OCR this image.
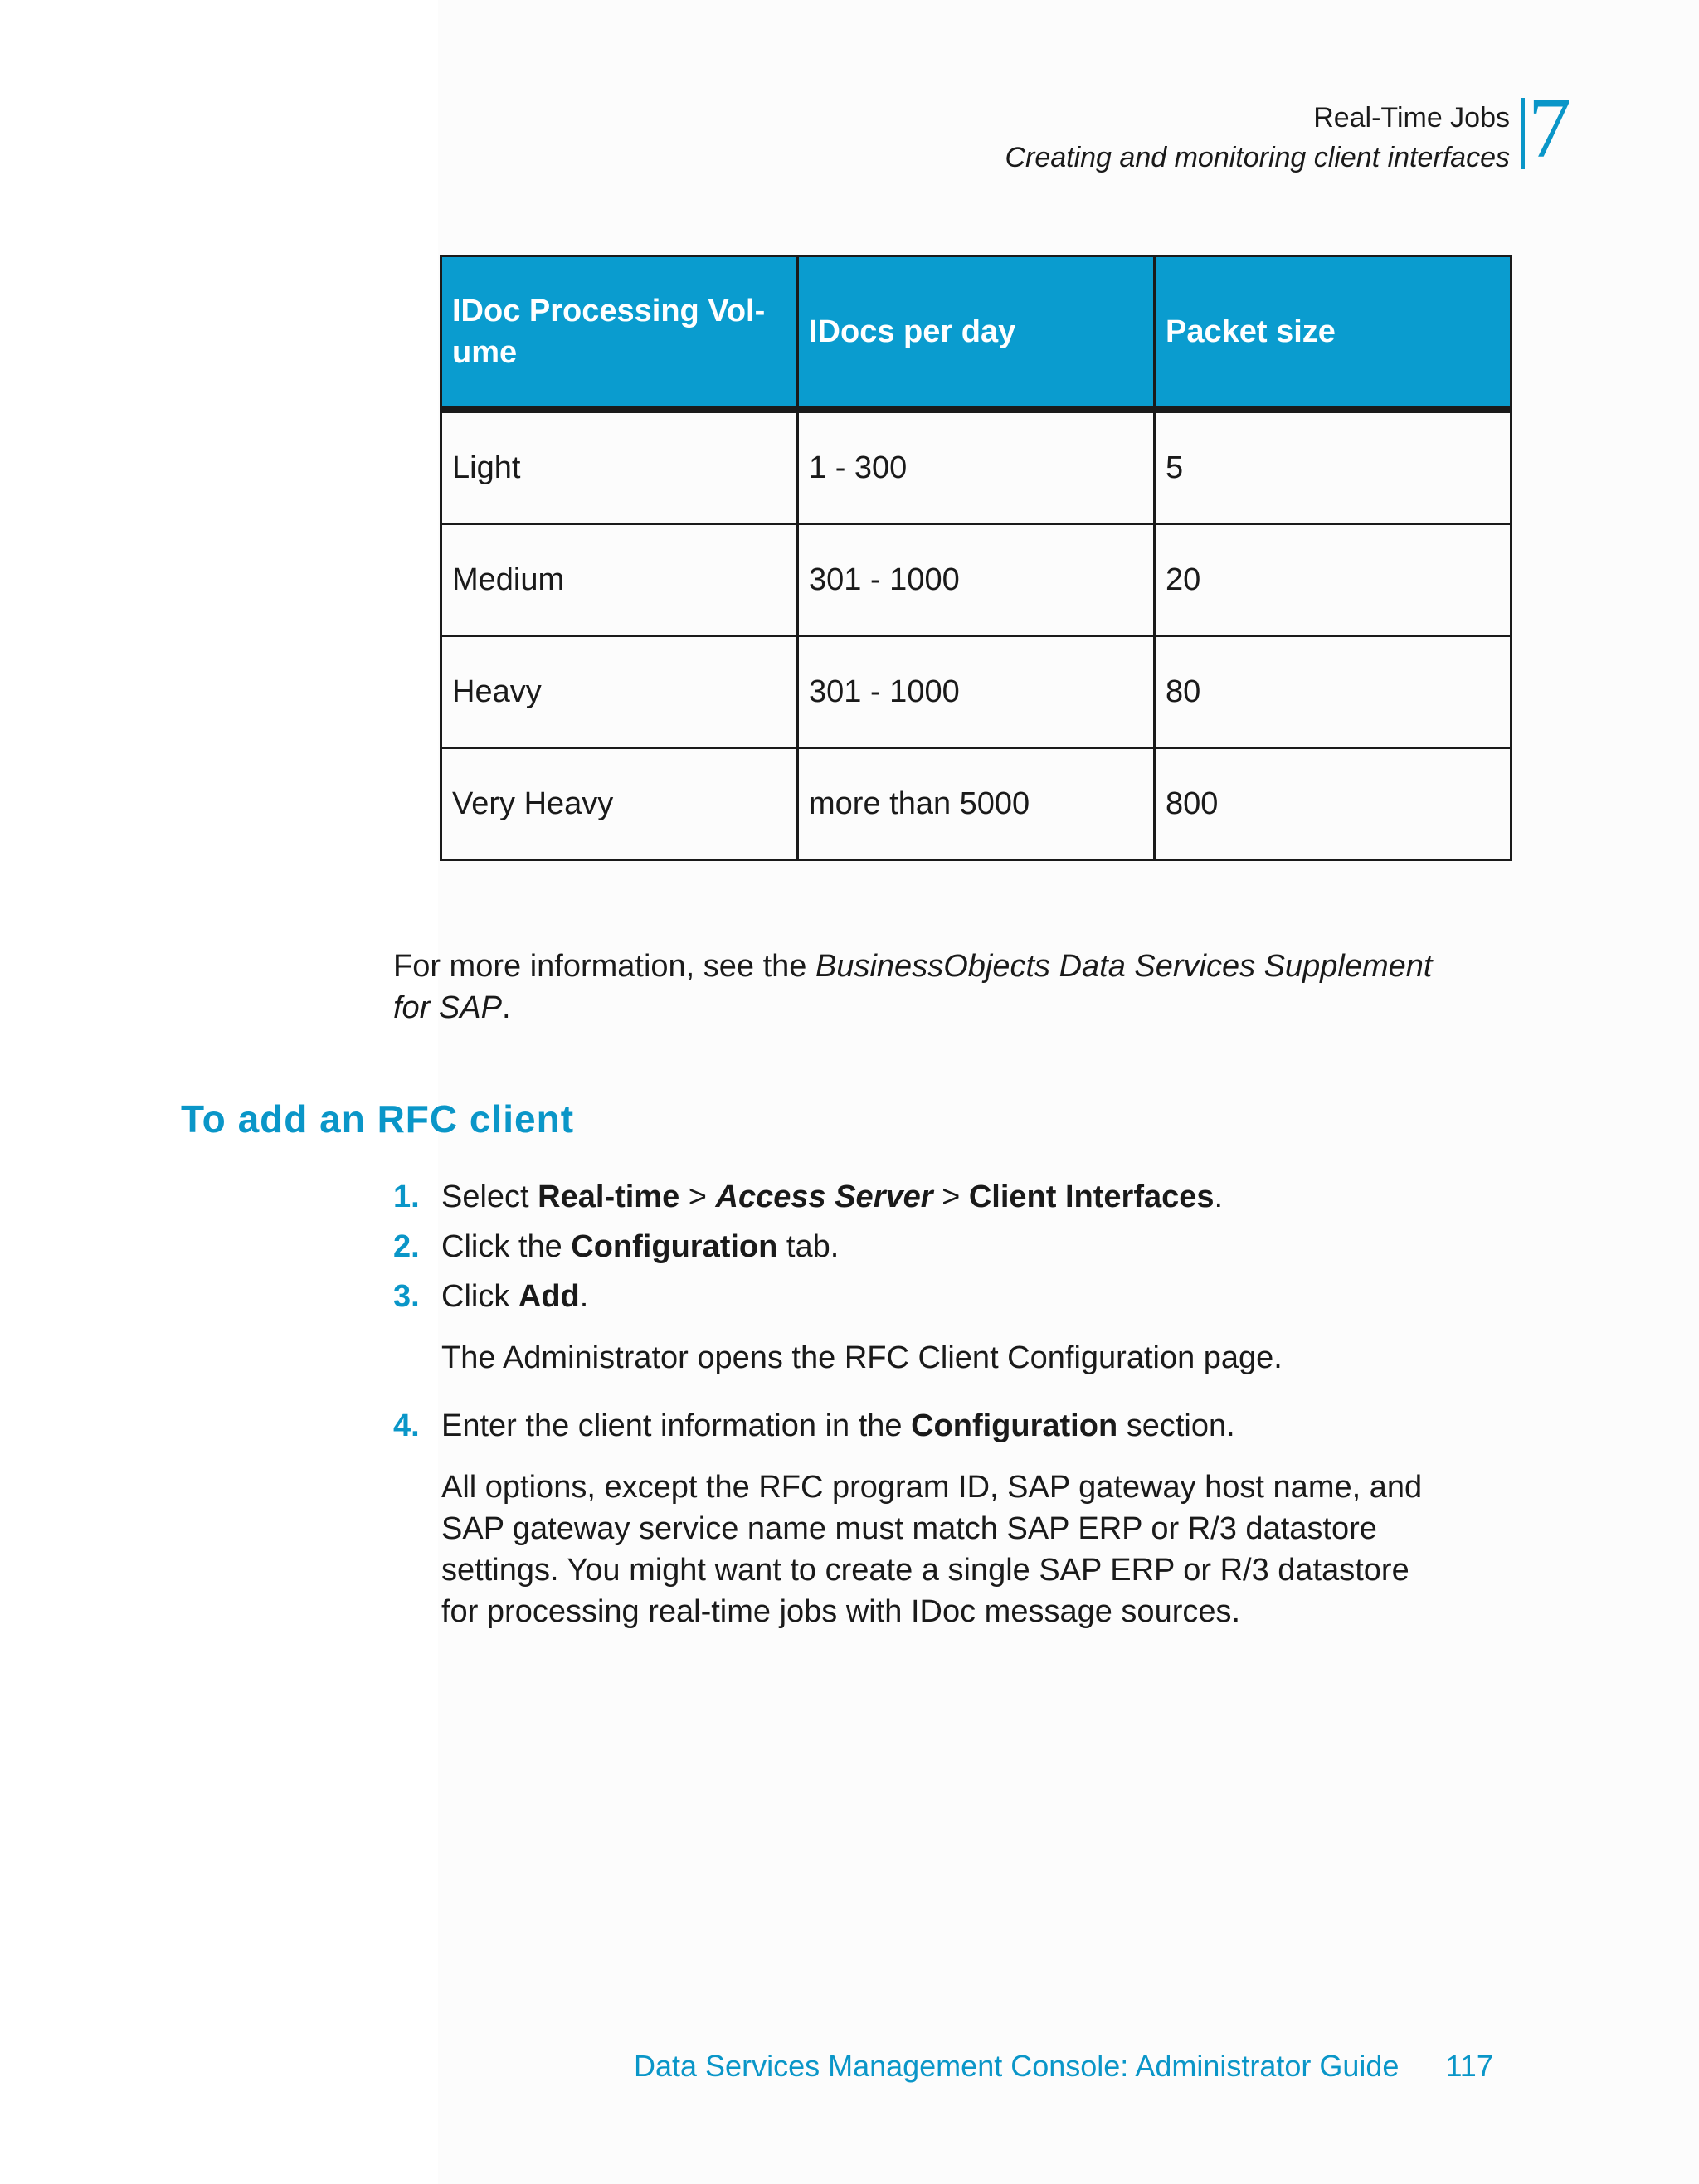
Real-Time Jobs
Creating and monitoring client interfaces 7
IDoc Processing Vol-
ume	IDocs per day	Packet size
Light	1 - 300	5
Medium	301 - 1000	20
Heavy	301 - 1000	80
Very Heavy	more than 5000	800
For more information, see the BusinessObjects Data Services Supplement
for SAP.
To add an RFC client
1. Select Real-time > Access Server > Client Interfaces.
2. Click the Configuration tab.
3. Click Add.
The Administrator opens the RFC Client Configuration page.
4. Enter the client information in the Configuration section.
All options, except the RFC program ID, SAP gateway host name, and
SAP gateway service name must match SAP ERP or R/3 datastore
settings. You might want to create a single SAP ERP or R/3 datastore
for processing real-time jobs with IDoc message sources.
Data Services Management Console: Administrator Guide 117
